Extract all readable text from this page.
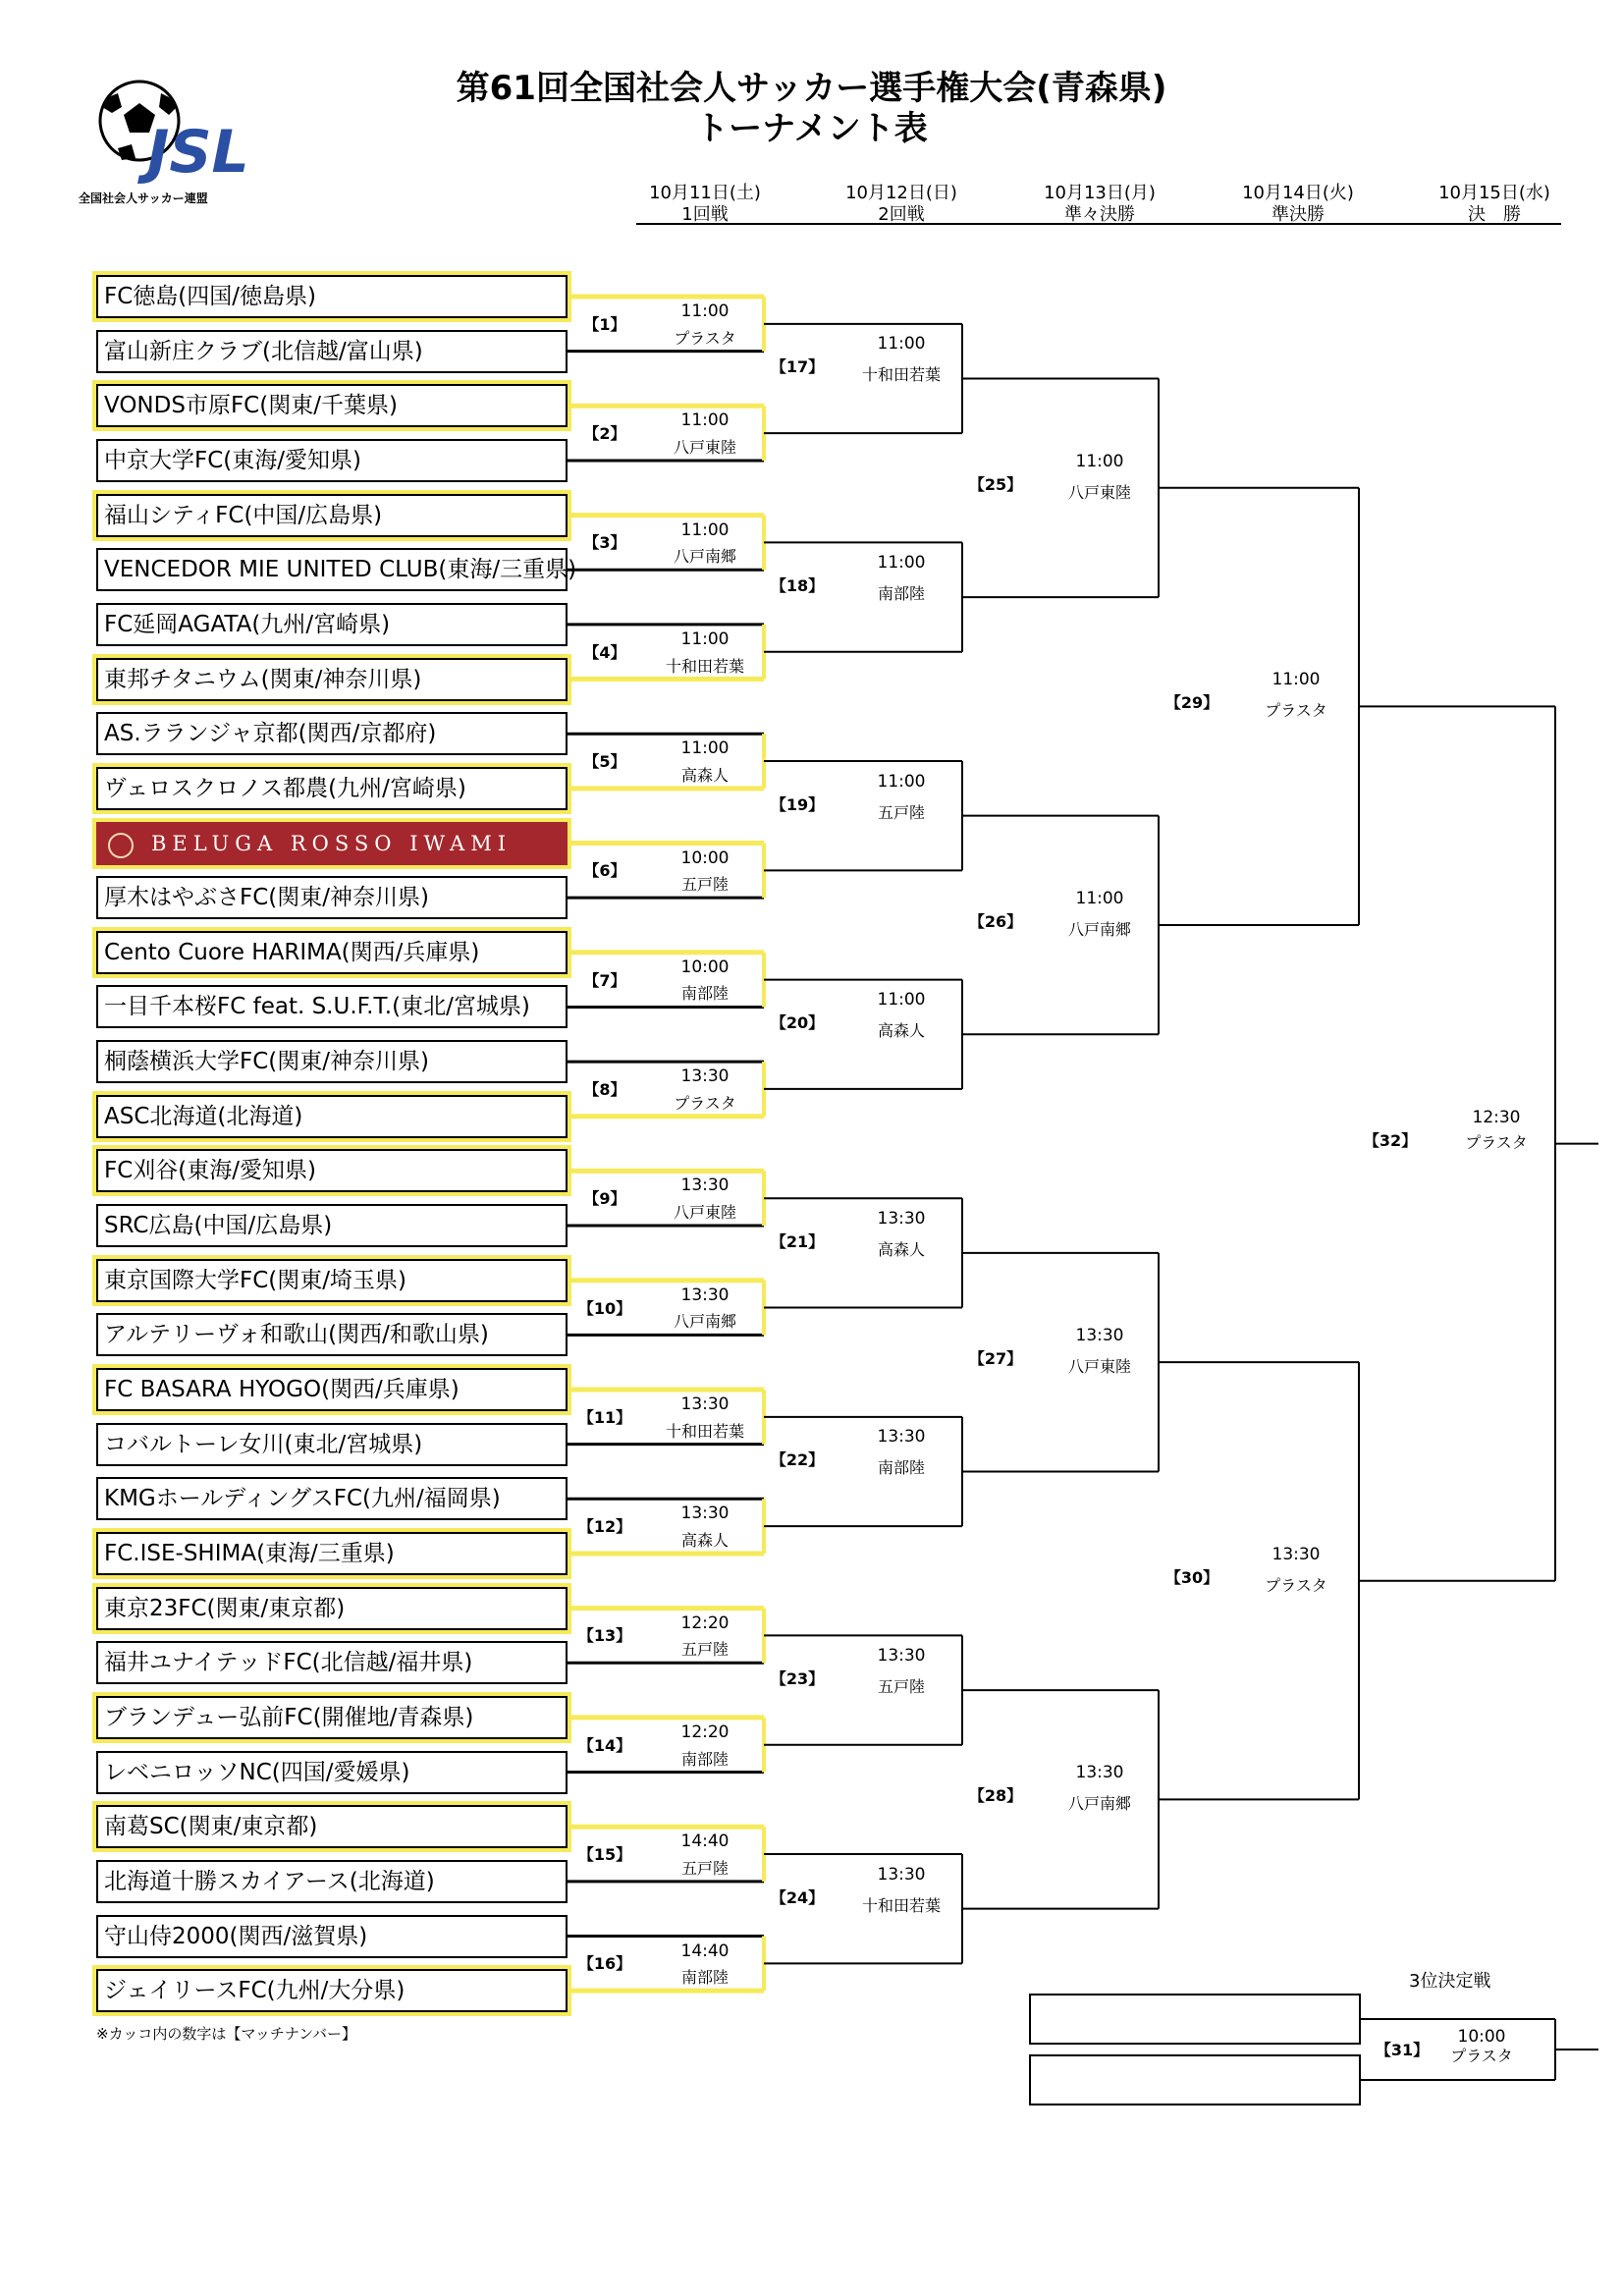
JSL
全国社会人サッカー連盟
第61回全国社会人サッカー選手権大会(青森県)
トーナメント表
10月11日(土)
1回戦
10月12日(日)
2回戦
10月13日(月)
準々決勝
10月14日(火)
準決勝
10月15日(水)
決　勝
FC徳島(四国/徳島県)
富山新庄クラブ(北信越/富山県)
VONDS市原FC(関東/千葉県)
中京大学FC(東海/愛知県)
福山シティFC(中国/広島県)
VENCEDOR MIE UNITED CLUB(東海/三重県)
FC延岡AGATA(九州/宮崎県)
東邦チタニウム(関東/神奈川県)
AS.ラランジャ京都(関西/京都府)
ヴェロスクロノス都農(九州/宮崎県)
BELUGA ROSSO IWAMI
厚木はやぶさFC(関東/神奈川県)
Cento Cuore HARIMA(関西/兵庫県)
一目千本桜FC feat. S.U.F.T.(東北/宮城県)
桐蔭横浜大学FC(関東/神奈川県)
ASC北海道(北海道)
FC刈谷(東海/愛知県)
SRC広島(中国/広島県)
東京国際大学FC(関東/埼玉県)
アルテリーヴォ和歌山(関西/和歌山県)
FC BASARA HYOGO(関西/兵庫県)
コバルトーレ女川(東北/宮城県)
KMGホールディングスFC(九州/福岡県)
FC.ISE-SHIMA(東海/三重県)
東京23FC(関東/東京都)
福井ユナイテッドFC(北信越/福井県)
ブランデュー弘前FC(開催地/青森県)
レベニロッソNC(四国/愛媛県)
南葛SC(関東/東京都)
北海道十勝スカイアース(北海道)
守山侍2000(関西/滋賀県)
ジェイリースFC(九州/大分県)
【1】
11:00
プラスタ
【2】
11:00
八戸東陸
【3】
11:00
八戸南郷
【4】
11:00
十和田若葉
【5】
11:00
高森人
【6】
10:00
五戸陸
【7】
10:00
南部陸
【8】
13:30
プラスタ
【9】
13:30
八戸東陸
【10】
13:30
八戸南郷
【11】
13:30
十和田若葉
【12】
13:30
高森人
【13】
12:20
五戸陸
【14】
12:20
南部陸
【15】
14:40
五戸陸
【16】
14:40
南部陸
【17】
11:00
十和田若葉
【18】
11:00
南部陸
【19】
11:00
五戸陸
【20】
11:00
高森人
【21】
13:30
高森人
【22】
13:30
南部陸
【23】
13:30
五戸陸
【24】
13:30
十和田若葉
【25】
11:00
八戸東陸
【26】
11:00
八戸南郷
【27】
13:30
八戸東陸
【28】
13:30
八戸南郷
【29】
11:00
プラスタ
【30】
13:30
プラスタ
【32】
12:30
プラスタ
【31】
10:00
プラスタ
3位決定戦
※カッコ内の数字は【マッチナンバー】
